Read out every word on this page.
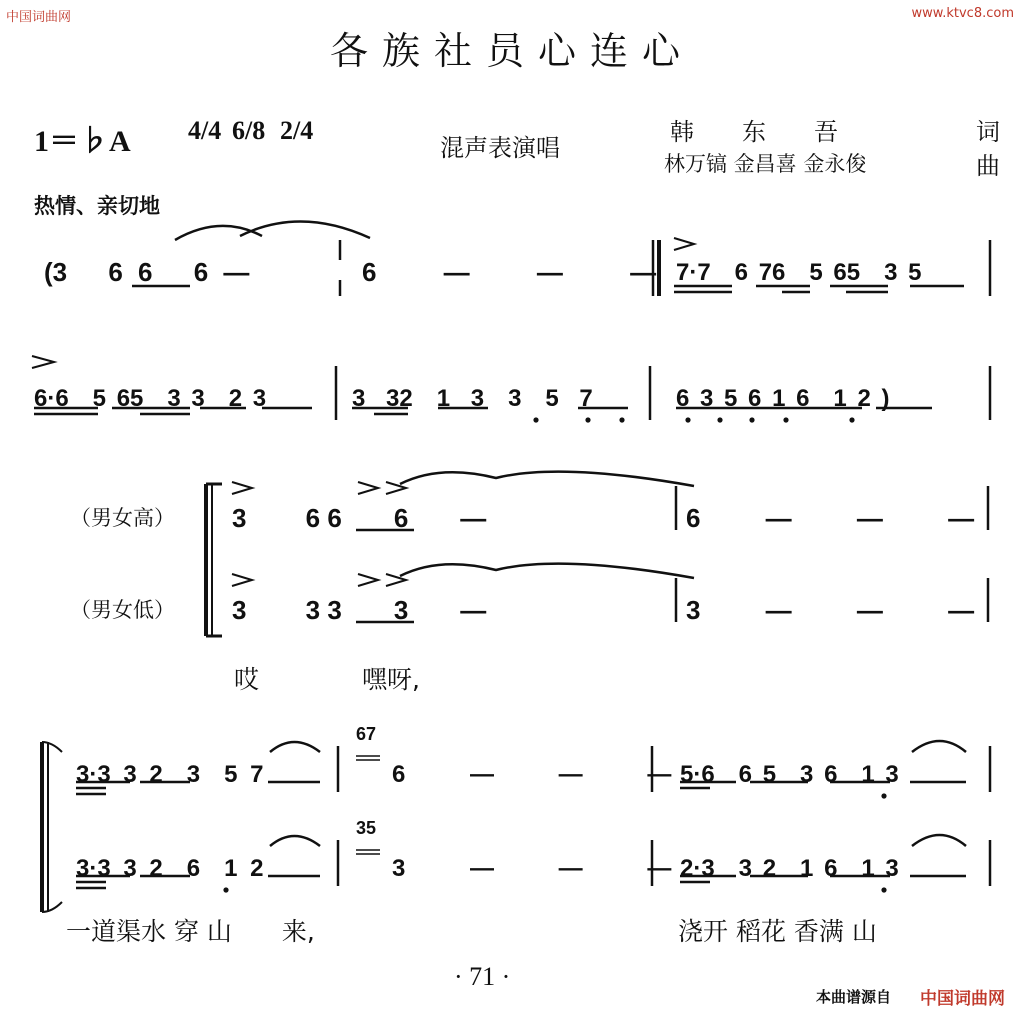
中国词曲网	www.ktvc8.com
各族社员心连心
1＝♭A 4/4 6/8 2/4
混声表演唱
韩　　东　　吾	词
林万镐 金昌喜 金永俊	曲
热情、亲切地
(3　 6 6　 6 —	6　 —　 —　 — 7·7　6 76　5 65　3 5
6·6　5 65　3 3　2 3	3 32　1 3　3　5 7	6 3 5 6 1 6　1 2 )
（男女高）
（男女低）
3　　 6 6　　6　　—	6　 —　 —　 —
3　　 3 3　　3　　—	3　 —　 —　 —
哎	嘿呀,
3·3 3 2　3　5 7
67
6　 —　 —　 — 5·6　6 5　3 6　1 3
3·3 3 2　6　1 2
35
3　 —　 —　 — 2·3　3 2　1 6　1 3
一道渠水 穿 山　　来,	浇开 稻花 香满 山
· 71 ·
本曲谱源自 中国词曲网
